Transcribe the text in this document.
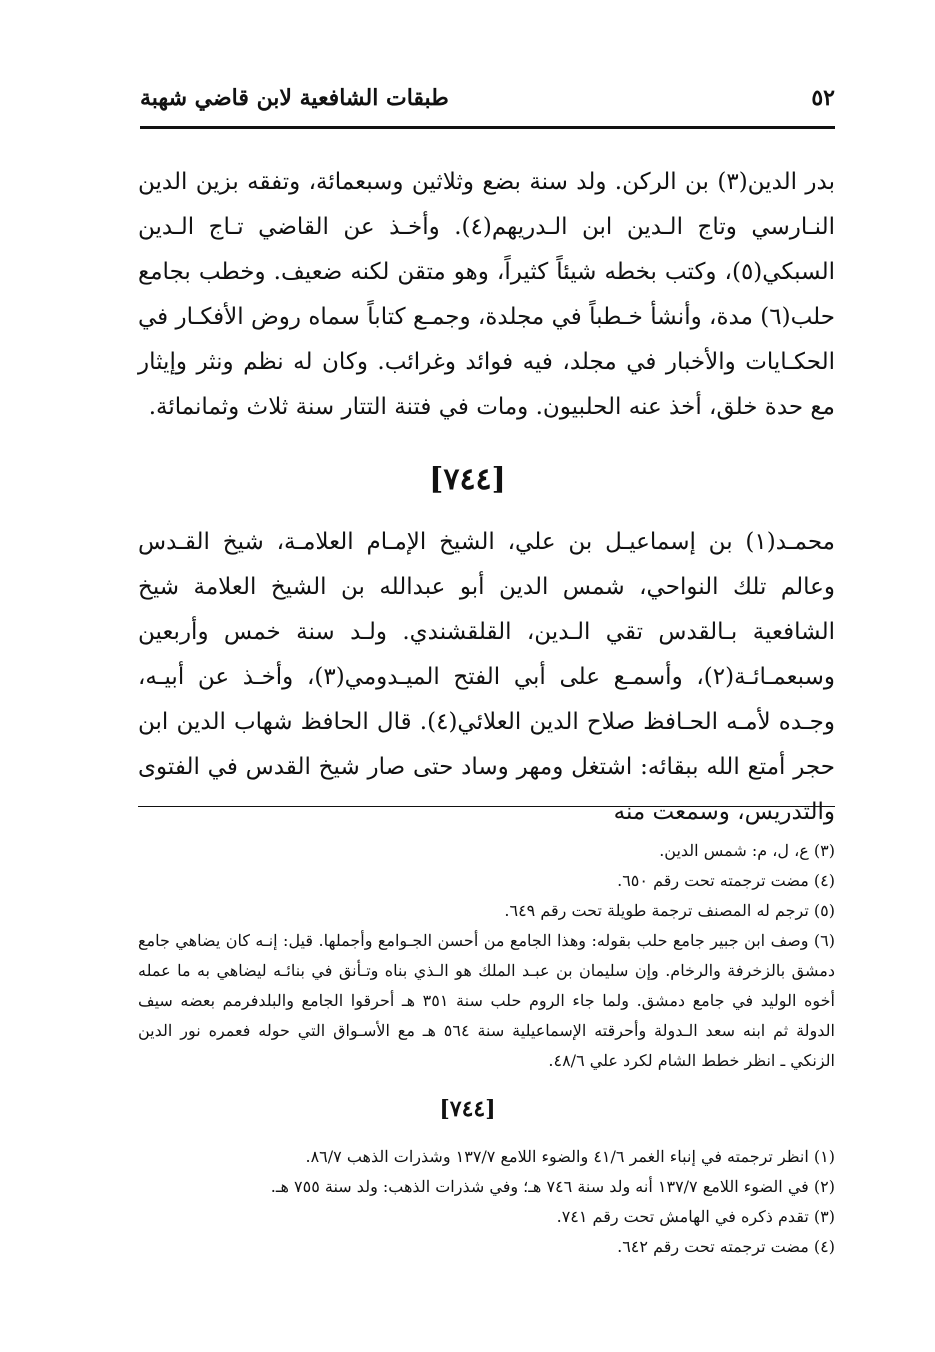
٥٢
طبقات الشافعية لابن قاضي شهبة

بدر الدين(٣) بن الركن. ولد سنة بضع وثلاثين وسبعمائة، وتفقه بزين الدين النـارسي وتاج الـدين ابن الـدريهم(٤). وأخـذ عن القاضي تـاج الـدين السبكي(٥)، وكتب بخطه شيئاً كثيراً، وهو متقن لكنه ضعيف. وخطب بجامع حلب(٦) مدة، وأنشأ خـطباً في مجلدة، وجمـع كتاباً سماه روض الأفكـار في الحكـايات والأخبار في مجلد، فيه فوائد وغرائب. وكان له نظم ونثر وإيثار مع حدة خلق، أخذ عنه الحلبيون. ومات في فتنة التتار سنة ثلاث وثمانمائة.

[٧٤٤]

محمـد(١) بن إسماعيـل بن علي، الشيخ الإمـام العلامـة، شيخ القـدس وعالم تلك النواحي، شمس الدين أبو عبدالله بن الشيخ العلامة شيخ الشافعية بـالقدس تقي الـدين، القلقشندي. ولـد سنة خمس وأربعين وسبعمـائـة(٢)، وأسمـع على أبي الفتح الميـدومي(٣)، وأخـذ عن أبيـه، وجـده لأمـه الحـافظ صلاح الدين العلائي(٤). قال الحافظ شهاب الدين ابن حجر أمتع الله ببقائه: اشتغل ومهر وساد حتى صار شيخ القدس في الفتوى والتدريس، وسمعت منه

(٣) ع، ل، م: شمس الدين.

(٤) مضت ترجمته تحت رقم ٦٥٠.

(٥) ترجم له المصنف ترجمة طويلة تحت رقم ٦٤٩.

(٦) وصف ابن جبير جامع حلب بقوله: وهذا الجامع من أحسن الجـوامع وأجملها. قيل: إنـه كان يضاهي جامع دمشق بالزخرفة والرخام. وإن سليمان بن عبـد الملك هو الـذي بناه وتـأنق في بنائـه ليضاهي به ما عمله أخوه الوليد في جامع دمشق. ولما جاء الروم حلب سنة ٣٥١ هـ أحرقوا الجامع والبلدفرمم بعضه سيف الدولة ثم ابنه سعد الـدولة وأحرقته الإسماعيلية سنة ٥٦٤ هـ مع الأسـواق التي حوله فعمره نور الدين الزنكي ـ انظر خطط الشام لكرد علي ٤٨/٦.

[٧٤٤]

(١) انظر ترجمته في إنباء الغمر ٤١/٦ والضوء اللامع ١٣٧/٧ وشذرات الذهب ٨٦/٧.

(٢) في الضوء اللامع ١٣٧/٧ أنه ولد سنة ٧٤٦ هـ؛ وفي شذرات الذهب: ولد سنة ٧٥٥ هـ.

(٣) تقدم ذكره في الهامش تحت رقم ٧٤١.

(٤) مضت ترجمته تحت رقم ٦٤٢.
